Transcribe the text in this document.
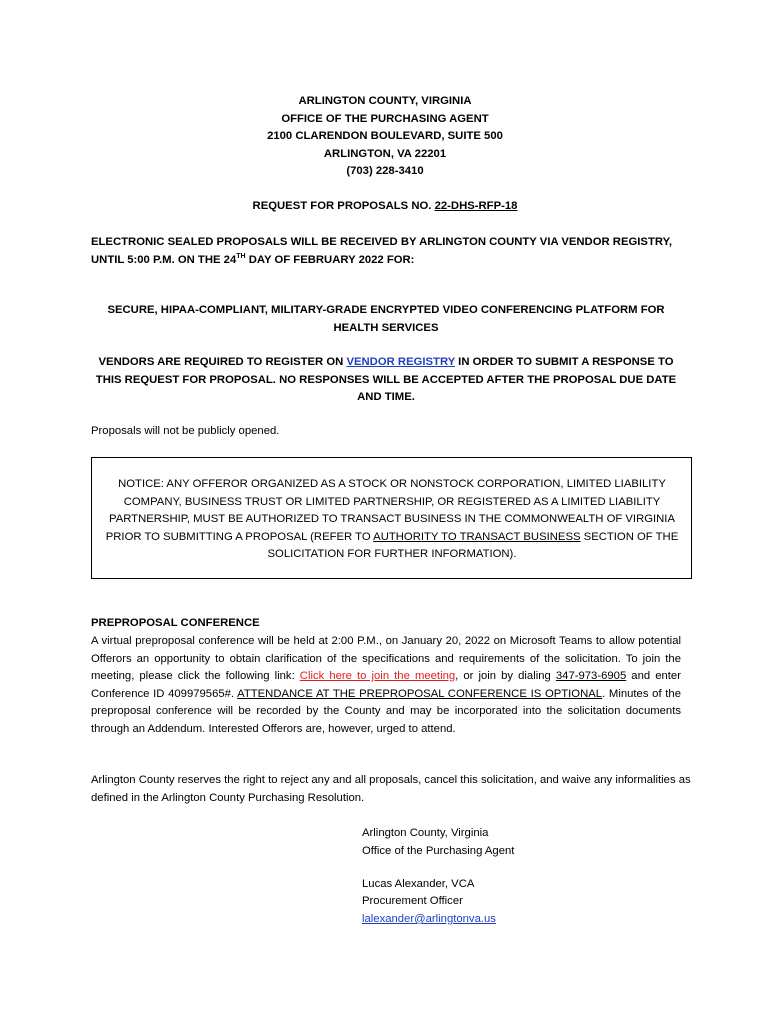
ARLINGTON COUNTY, VIRGINIA
OFFICE OF THE PURCHASING AGENT
2100 CLARENDON BOULEVARD, SUITE 500
ARLINGTON, VA 22201
(703) 228-3410
REQUEST FOR PROPOSALS NO. 22-DHS-RFP-18
ELECTRONIC SEALED PROPOSALS WILL BE RECEIVED BY ARLINGTON COUNTY VIA VENDOR REGISTRY, UNTIL 5:00 P.M. ON THE 24TH DAY OF FEBRUARY 2022 FOR:
SECURE, HIPAA-COMPLIANT, MILITARY-GRADE ENCRYPTED VIDEO CONFERENCING PLATFORM FOR HEALTH SERVICES
VENDORS ARE REQUIRED TO REGISTER ON VENDOR REGISTRY IN ORDER TO SUBMIT A RESPONSE TO THIS REQUEST FOR PROPOSAL. NO RESPONSES WILL BE ACCEPTED AFTER THE PROPOSAL DUE DATE AND TIME.
Proposals will not be publicly opened.
NOTICE: ANY OFFEROR ORGANIZED AS A STOCK OR NONSTOCK CORPORATION, LIMITED LIABILITY COMPANY, BUSINESS TRUST OR LIMITED PARTNERSHIP, OR REGISTERED AS A LIMITED LIABILITY PARTNERSHIP, MUST BE AUTHORIZED TO TRANSACT BUSINESS IN THE COMMONWEALTH OF VIRGINIA PRIOR TO SUBMITTING A PROPOSAL (REFER TO AUTHORITY TO TRANSACT BUSINESS SECTION OF THE SOLICITATION FOR FURTHER INFORMATION).
PREPROPOSAL CONFERENCE
A virtual preproposal conference will be held at 2:00 P.M., on January 20, 2022 on Microsoft Teams to allow potential Offerors an opportunity to obtain clarification of the specifications and requirements of the solicitation. To join the meeting, please click the following link: Click here to join the meeting, or join by dialing 347-973-6905 and enter Conference ID 409979565#. ATTENDANCE AT THE PREPROPOSAL CONFERENCE IS OPTIONAL. Minutes of the preproposal conference will be recorded by the County and may be incorporated into the solicitation documents through an Addendum. Interested Offerors are, however, urged to attend.
Arlington County reserves the right to reject any and all proposals, cancel this solicitation, and waive any informalities as defined in the Arlington County Purchasing Resolution.
Arlington County, Virginia
Office of the Purchasing Agent
Lucas Alexander, VCA
Procurement Officer
lalexander@arlingtonva.us
